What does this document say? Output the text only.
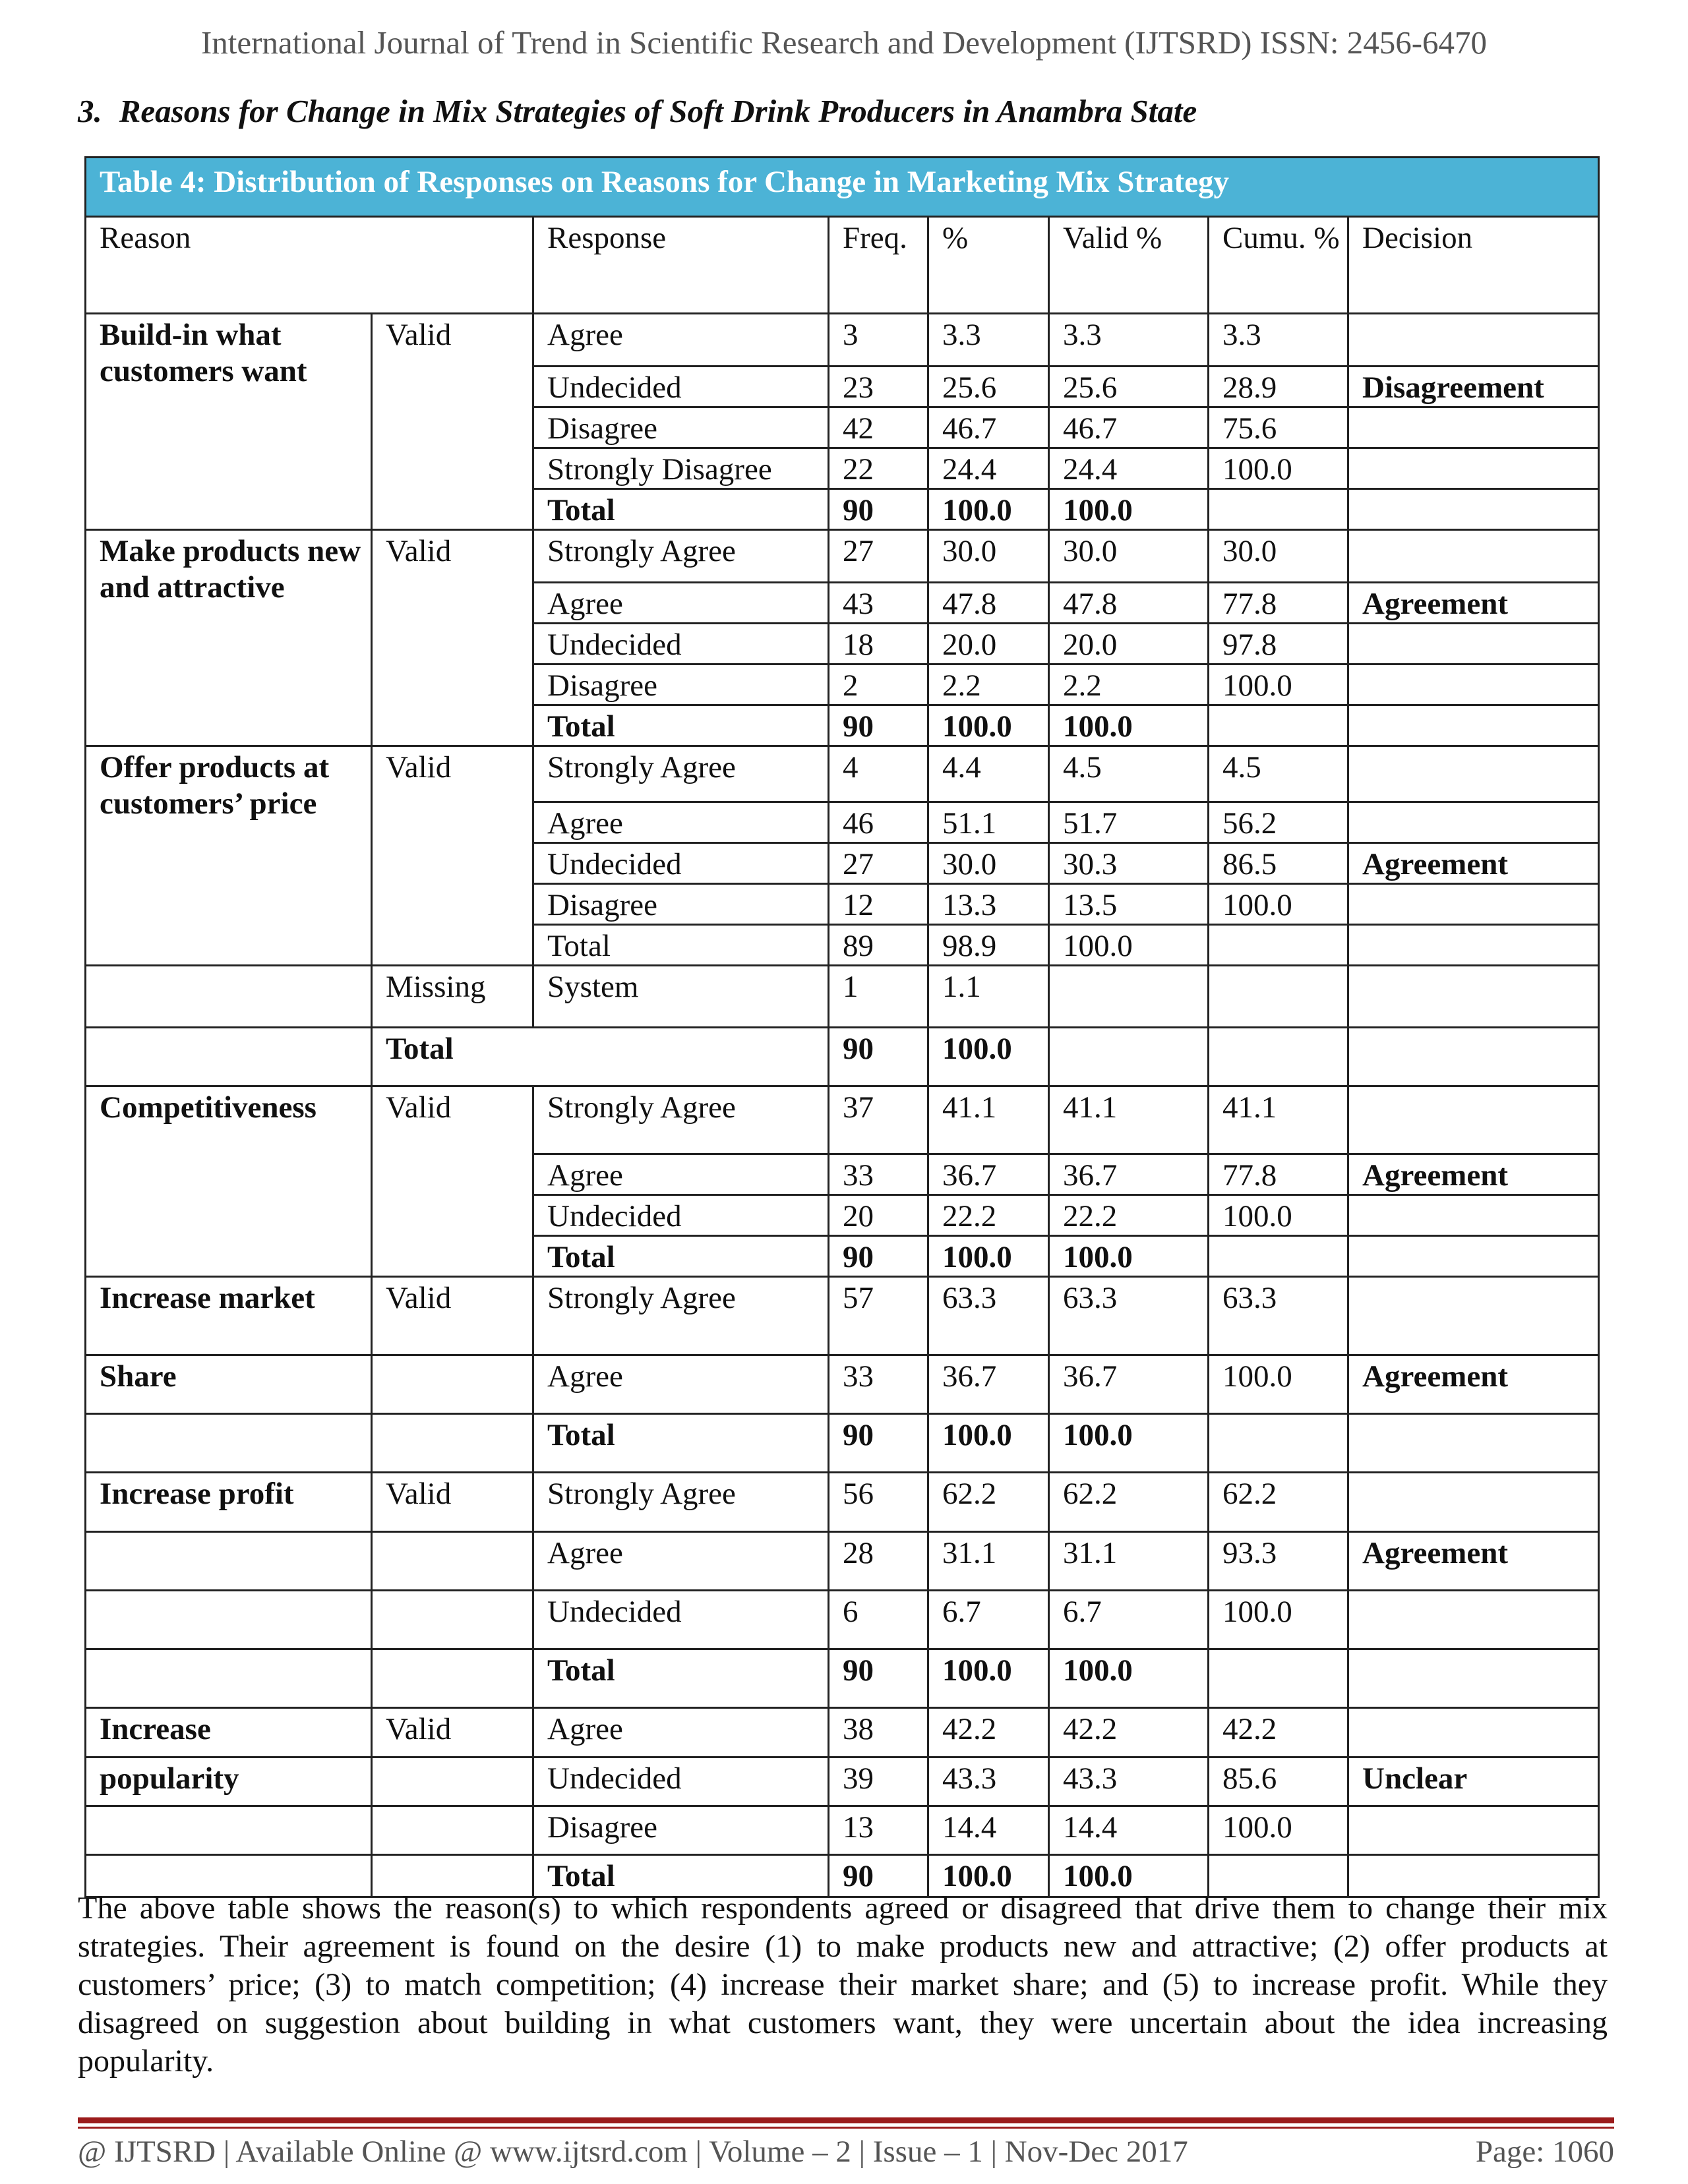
International Journal of Trend in Scientific Research and Development (IJTSRD) ISSN: 2456-6470
3. Reasons for Change in Mix Strategies of Soft Drink Producers in Anambra State
Table 4: Distribution of Responses on Reasons for Change in Marketing Mix Strategy							
Reason		Response	Freq.	%	Valid %	Cumu. %	Decision
Build-in what customers want	Valid	Agree	3	3.3	3.3	3.3	
		Undecided	23	25.6	25.6	28.9	Disagreement
		Disagree	42	46.7	46.7	75.6	
		Strongly Disagree	22	24.4	24.4	100.0	
		Total	90	100.0	100.0		
Make products new and attractive	Valid	Strongly Agree	27	30.0	30.0	30.0	
		Agree	43	47.8	47.8	77.8	Agreement
		Undecided	18	20.0	20.0	97.8	
		Disagree	2	2.2	2.2	100.0	
		Total	90	100.0	100.0		
Offer products at customers’ price	Valid	Strongly Agree	4	4.4	4.5	4.5	
		Agree	46	51.1	51.7	56.2	
		Undecided	27	30.0	30.3	86.5	Agreement
		Disagree	12	13.3	13.5	100.0	
		Total	89	98.9	100.0		
	Missing	System	1	1.1			
	Total		90	100.0			
Competitiveness	Valid	Strongly Agree	37	41.1	41.1	41.1	
		Agree	33	36.7	36.7	77.8	Agreement
		Undecided	20	22.2	22.2	100.0	
		Total	90	100.0	100.0		
Increase market	Valid	Strongly Agree	57	63.3	63.3	63.3	
Share		Agree	33	36.7	36.7	100.0	Agreement
		Total	90	100.0	100.0		
Increase profit	Valid	Strongly Agree	56	62.2	62.2	62.2	
		Agree	28	31.1	31.1	93.3	Agreement
		Undecided	6	6.7	6.7	100.0	
		Total	90	100.0	100.0		
Increase	Valid	Agree	38	42.2	42.2	42.2	
popularity		Undecided	39	43.3	43.3	85.6	Unclear
		Disagree	13	14.4	14.4	100.0	
		Total	90	100.0	100.0		
The above table shows the reason(s) to which respondents agreed or disagreed that drive them to change their mix strategies. Their agreement is found on the desire (1) to make products new and attractive; (2) offer products at customers’ price; (3) to match competition; (4) increase their market share; and (5) to increase profit. While they disagreed on suggestion about building in what customers want, they were uncertain about the idea increasing popularity.
@ IJTSRD | Available Online @ www.ijtsrd.com | Volume – 2 | Issue – 1 | Nov-Dec 2017	Page: 1060
